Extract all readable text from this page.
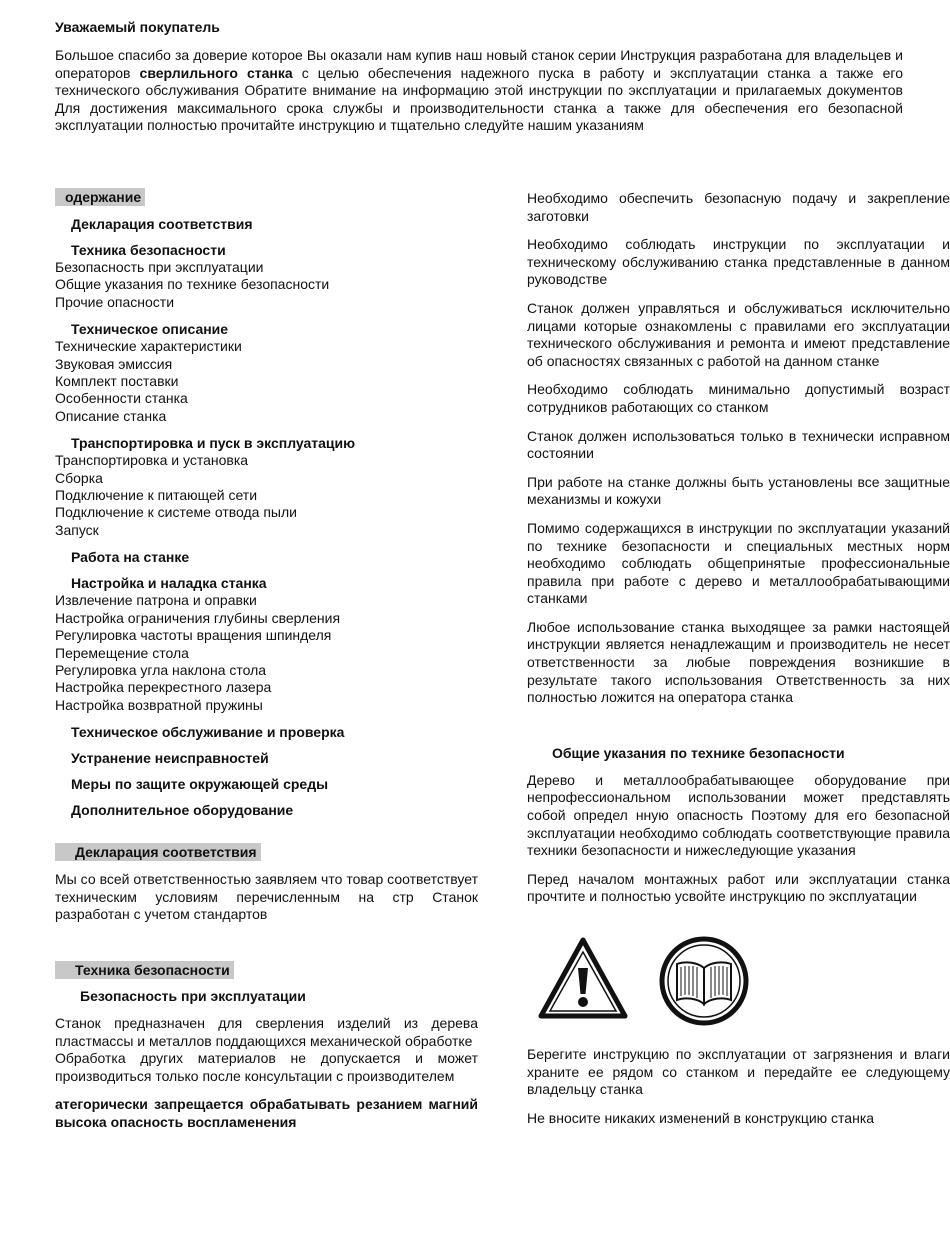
Уважаемый покупатель
Большое спасибо за доверие которое Вы оказали нам купив наш новый станок серии Инструкция разработана для владельцев и операторов сверлильного станка с целью обеспечения надежного пуска в работу и эксплуатации станка а также его технического обслуживания Обратите внимание на информацию этой инструкции по эксплуатации и прилагаемых документов Для достижения максимального срока службы и производительности станка а также для обеспечения его безопасной эксплуатации полностью прочитайте инструкцию и тщательно следуйте нашим указаниям
одержание
Декларация соответствия
Техника безопасности
Безопасность при эксплуатации
Общие указания по технике безопасности
Прочие опасности
Техническое описание
Технические характеристики
Звуковая эмиссия
Комплект поставки
Особенности станка
Описание станка
Транспортировка и пуск в эксплуатацию
Транспортировка и установка
Сборка
Подключение к питающей сети
Подключение к системе отвода пыли
Запуск
Работа на станке
Настройка и наладка станка
Извлечение патрона и оправки
Настройка ограничения глубины сверления
Регулировка частоты вращения шпинделя
Перемещение стола
Регулировка угла наклона стола
Настройка перекрестного лазера
Настройка возвратной пружины
Техническое обслуживание и проверка
Устранение неисправностей
Меры по защите окружающей среды
Дополнительное оборудование
Декларация соответствия
Мы со всей ответственностью заявляем что товар соответствует техническим условиям перечисленным на стр Станок разработан с учетом стандартов
Техника безопасности
Безопасность при эксплуатации
Станок предназначен для сверления изделий из дерева пластмассы и металлов поддающихся механической обработке
Обработка других материалов не допускается и может производиться только после консультации с производителем
атегорически запрещается обрабатывать резанием магний высока опасность воспламенения
Необходимо обеспечить безопасную подачу и закрепление заготовки
Необходимо соблюдать инструкции по эксплуатации и техническому обслуживанию станка представленные в данном руководстве
Станок должен управляться и обслуживаться исключительно лицами которые ознакомлены с правилами его эксплуатации технического обслуживания и ремонта и имеют представление об опасностях связанных с работой на данном станке
Необходимо соблюдать минимально допустимый возраст сотрудников работающих со станком
Станок должен использоваться только в технически исправном состоянии
При работе на станке должны быть установлены все защитные механизмы и кожухи
Помимо содержащихся в инструкции по эксплуатации указаний по технике безопасности и специальных местных норм необходимо соблюдать общепринятые профессиональные правила при работе с дерево и металлообрабатывающими станками
Любое использование станка выходящее за рамки настоящей инструкции является ненадлежащим и производитель не несет ответственности за любые повреждения возникшие в результате такого использования Ответственность за них полностью ложится на оператора станка
Общие указания по технике безопасности
Дерево и металлообрабатывающее оборудование при непрофессиональном использовании может представлять собой определ нную опасность Поэтому для его безопасной эксплуатации необходимо соблюдать соответствующие правила техники безопасности и нижеследующие указания
Перед началом монтажных работ или эксплуатации станка прочтите и полностью усвойте инструкцию по эксплуатации
Берегите инструкцию по эксплуатации от загрязнения и влаги храните ее рядом со станком и передайте ее следующему владельцу станка
Не вносите никаких изменений в конструкцию станка
